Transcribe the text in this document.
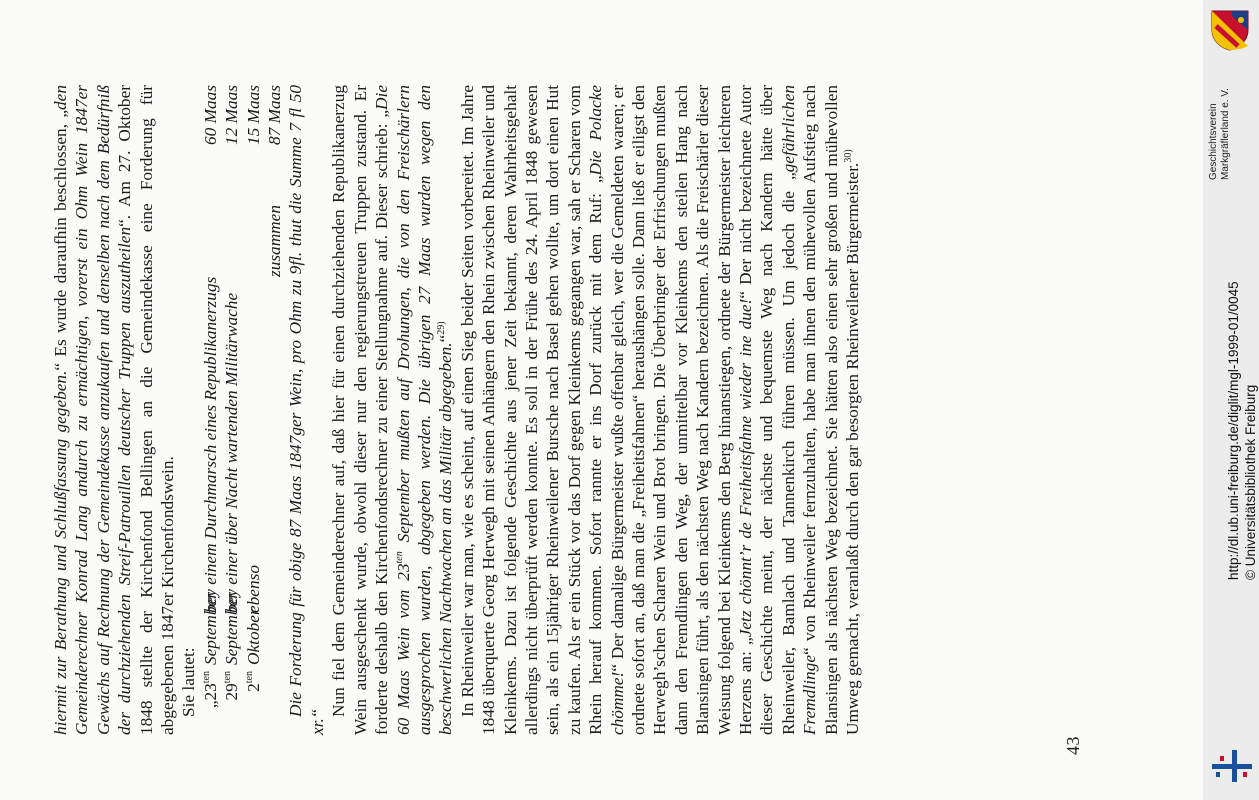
hiermit zur Berathung und Schlußfassung gegeben.“ Es wurde daraufhin beschlossen, „den Gemeinderechner Konrad Lang andurch zu ermächtigen, vorerst ein Ohm Wein 1847er Gewächs auf Rechnung der Gemeindekasse anzukaufen und denselben nach dem Bedürfniß der durchziehenden Streif-Patrouillen deutscher Truppen auszutheilen“. Am 27. Oktober 1848 stellte der Kirchenfond Bellingen an die Gemeindekasse eine Forderung für abgegebenen 1847er Kirchenfondswein. Sie lautet: $„23^{ten}$
September
bey einem Durchmarsch eines Republikanerzugs
60 Maas
$29^{ten}$
September
bey einer über Nacht wartenden Militärwache
12 Maas
$2^{ten}$
Oktober
ebenso
15 Maas
zusammen
87 Maas Die Forderung für obige 87 Maas 1847ger Wein, pro Ohm zu 9fl. thut die Summe 7 fl 50 xr.“

Nun fiel dem Gemeinderechner auf, daß hier für einen durchziehenden Republikanerzug Wein ausgeschenkt wurde, obwohl dieser nur den regierungstreuen Truppen zustand. Er forderte deshalb den Kirchenfondsrechner zu einer Stellungnahme auf. Dieser schrieb: „Die 60 Maas Wein vom $23^{ten}$ September mußten auf Drohungen, die von den Freischärlern ausgesprochen wurden, abgegeben werden. Die übrigen 27 Maas wurden wegen den beschwerlichen Nachtwachen an das Militär abgegeben.“$^{29)}$ In Rheinweiler war man, wie es scheint, auf einen Sieg beider Seiten vorbereitet. Im Jahre 1848 überquerte Georg Herwegh mit seinen Anhängern den Rhein zwischen Rheinweiler und Kleinkems. Dazu ist folgende Geschichte aus jener Zeit bekannt, deren Wahrheitsgehalt allerdings nicht überprüft werden konnte. Es soll in der Frühe des 24. April 1848 gewesen sein, als ein 15jähriger Rheinweilener Bursche nach Basel gehen wollte, um dort einen Hut zu kaufen. Als er ein Stück vor das Dorf gegen Kleinkems gegangen war, sah er Scharen vom Rhein herauf kommen. Sofort rannte er ins Dorf zurück mit dem Ruf: „Die Polacke chömme!“ Der damalige Bürgermeister wußte offenbar gleich, wer die Gemeldeten waren; er ordnete sofort an, daß man die „Freiheitsfahnen“ heraushängen solle. Dann ließ er eiligst den Herwegh’schen Scharen Wein und Brot bringen. Die Überbringer der Erfrischungen mußten dann den Fremdlingen den Weg, der unmittelbar vor Kleinkems den steilen Hang nach Blansingen führt, als den nächsten Weg nach Kandern bezeichnen. Als die Freischärler dieser Weisung folgend bei Kleinkems den Berg hinanstiegen, ordnete der Bürgermeister leichteren Herzens an: „Jetz chönnt’r de Freiheitsfahne wieder ine due!“ Der nicht bezeichnete Autor dieser Geschichte meint, der nächste und bequemste Weg nach Kandern hätte über Rheinweiler, Bamlach und Tannenkirch führen müssen. Um jedoch die „gefährlichen Fremdlinge“ von Rheinweiler fernzuhalten, habe man ihnen den mühevollen Aufstieg nach Blansingen als nächsten Weg bezeichnet. Sie hätten also einen sehr großen und mühevollen Umweg gemacht, veranlaßt durch den gar besorgten Rheinweilener Bürgermeister.$^{30)}$

43
Geschichtsverein Markgräflerland e. V.
http://dl.ub.uni-freiburg.de/diglit/mgl-1999-01/0045 © Universitätsbibliothek Freiburg
